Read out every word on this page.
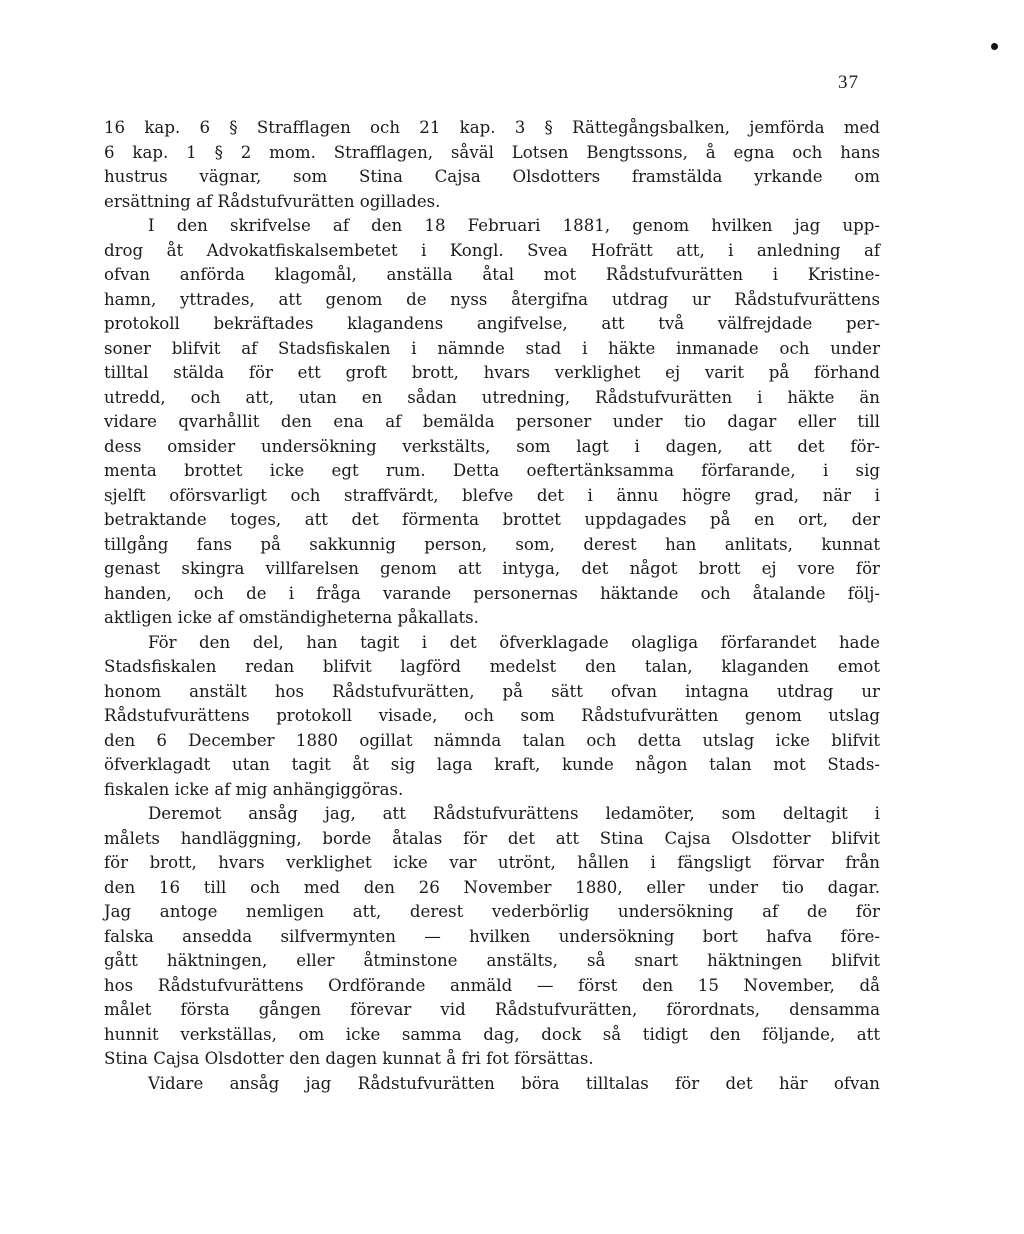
37
16 kap. 6 § Strafflagen och 21 kap. 3 § Rättegångsbalken, jemförda med
6 kap. 1 § 2 mom. Strafflagen, såväl Lotsen Bengtssons, å egna och hans
hustrus vägnar, som Stina Cajsa Olsdotters framstälda yrkande om
ersättning af Rådstufvurätten ogillades.
I den skrifvelse af den 18 Februari 1881, genom hvilken jag upp-
drog åt Advokatfiskalsembetet i Kongl. Svea Hofrätt att, i anledning af
ofvan anförda klagomål, anställa åtal mot Rådstufvurätten i Kristine-
hamn, yttrades, att genom de nyss återgifna utdrag ur Rådstufvurättens
protokoll bekräftades klagandens angifvelse, att två välfrejdade per-
soner blifvit af Stadsfiskalen i nämnde stad i häkte inmanade och under
tilltal stälda för ett groft brott, hvars verklighet ej varit på förhand
utredd, och att, utan en sådan utredning, Rådstufvurätten i häkte än
vidare qvarhållit den ena af bemälda personer under tio dagar eller till
dess omsider undersökning verkstälts, som lagt i dagen, att det för-
menta brottet icke egt rum. Detta oeftertänksamma förfarande, i sig
sjelft oförsvarligt och straffvärdt, blefve det i ännu högre grad, när i
betraktande toges, att det förmenta brottet uppdagades på en ort, der
tillgång fans på sakkunnig person, som, derest han anlitats, kunnat
genast skingra villfarelsen genom att intyga, det något brott ej vore för
handen, och de i fråga varande personernas häktande och åtalande följ-
aktligen icke af omständigheterna påkallats.
För den del, han tagit i det öfverklagade olagliga förfarandet hade
Stadsfiskalen redan blifvit lagförd medelst den talan, klaganden emot
honom anstält hos Rådstufvurätten, på sätt ofvan intagna utdrag ur
Rådstufvurättens protokoll visade, och som Rådstufvurätten genom utslag
den 6 December 1880 ogillat nämnda talan och detta utslag icke blifvit
öfverklagadt utan tagit åt sig laga kraft, kunde någon talan mot Stads-
fiskalen icke af mig anhängiggöras.
Deremot ansåg jag, att Rådstufvurättens ledamöter, som deltagit i
målets handläggning, borde åtalas för det att Stina Cajsa Olsdotter blifvit
för brott, hvars verklighet icke var utrönt, hållen i fängsligt förvar från
den 16 till och med den 26 November 1880, eller under tio dagar.
Jag antoge nemligen att, derest vederbörlig undersökning af de för
falska ansedda silfvermynten — hvilken undersökning bort hafva före-
gått häktningen, eller åtminstone anstälts, så snart häktningen blifvit
hos Rådstufvurättens Ordförande anmäld — först den 15 November, då
målet första gången förevar vid Rådstufvurätten, förordnats, densamma
hunnit verkställas, om icke samma dag, dock så tidigt den följande, att
Stina Cajsa Olsdotter den dagen kunnat å fri fot försättas.
Vidare ansåg jag Rådstufvurätten böra tilltalas för det här ofvan
